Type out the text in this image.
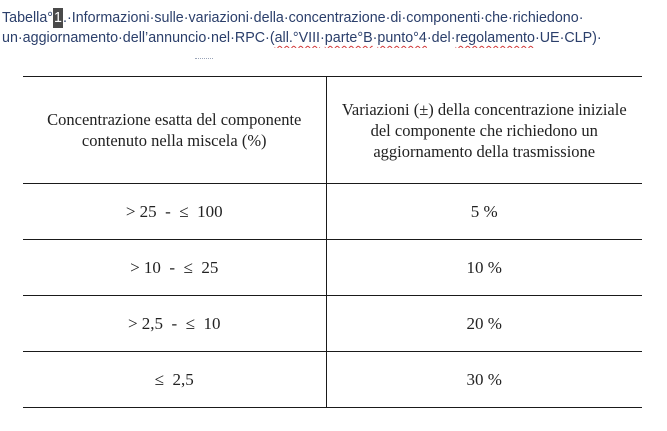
Tabella°1.·Informazioni·sulle·variazioni·della·concentrazione·di·componenti·che·richiedono·
un·aggiornamento·dell’annuncio·nel·RPC·(all.°VIII·parte°B·punto°4·del·regolamento·UE·CLP)·
Concentrazione esatta del componente contenuto nella miscela (%)	Variazioni (±) della concentrazione iniziale del componente che richiedono un aggiornamento della trasmissione

> 25  -  ≤  100	5 %
> 10  -  ≤  25	10 %
> 2,5  -  ≤  10	20 %
≤  2,5	30 %
